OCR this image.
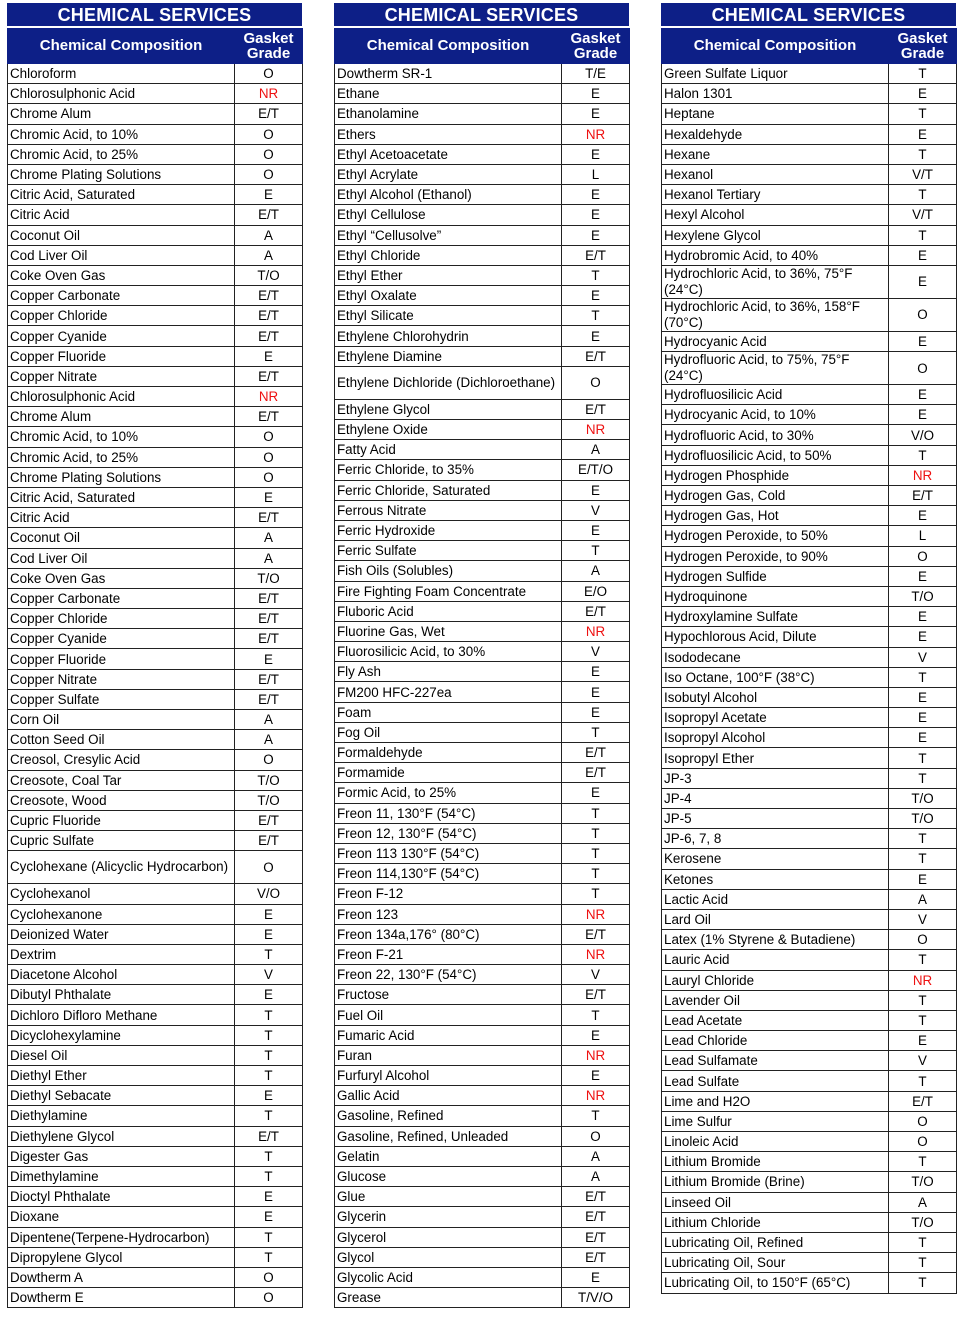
CHEMICAL SERVICES
Chemical Composition	Gasket
Grade
Chloroform	O
Chlorosulphonic Acid	NR
Chrome Alum	E/T
Chromic Acid, to 10%	O
Chromic Acid, to 25%	O
Chrome Plating Solutions	O
Citric Acid, Saturated	E
Citric Acid	E/T
Coconut Oil	A
Cod Liver Oil	A
Coke Oven Gas	T/O
Copper Carbonate	E/T
Copper Chloride	E/T
Copper Cyanide	E/T
Copper Fluoride	E
Copper Nitrate	E/T
Chlorosulphonic Acid	NR
Chrome Alum	E/T
Chromic Acid, to 10%	O
Chromic Acid, to 25%	O
Chrome Plating Solutions	O
Citric Acid, Saturated	E
Citric Acid	E/T
Coconut Oil	A
Cod Liver Oil	A
Coke Oven Gas	T/O
Copper Carbonate	E/T
Copper Chloride	E/T
Copper Cyanide	E/T
Copper Fluoride	E
Copper Nitrate	E/T
Copper Sulfate	E/T
Corn Oil	A
Cotton Seed Oil	A
Creosol, Cresylic Acid	O
Creosote, Coal Tar	T/O
Creosote, Wood	T/O
Cupric Fluoride	E/T
Cupric Sulfate	E/T
Cyclohexane (Alicyclic Hydrocarbon)	O
Cyclohexanol	V/O
Cyclohexanone	E
Deionized Water	E
Dextrim	T
Diacetone Alcohol	V
Dibutyl Phthalate	E
Dichloro Difloro Methane	T
Dicyclohexylamine	T
Diesel Oil	T
Diethyl Ether	T
Diethyl Sebacate	E
Diethylamine	T
Diethylene Glycol	E/T
Digester Gas	T
Dimethylamine	T
Dioctyl Phthalate	E
Dioxane	E
Dipentene(Terpene-Hydrocarbon)	T
Dipropylene Glycol	T
Dowtherm A	O
Dowtherm E	O
CHEMICAL SERVICES
Chemical Composition	Gasket
Grade
Dowtherm SR-1	T/E
Ethane	E
Ethanolamine	E
Ethers	NR
Ethyl Acetoacetate	E
Ethyl Acrylate	L
Ethyl Alcohol (Ethanol)	E
Ethyl Cellulose	E
Ethyl “Cellusolve”	E
Ethyl Chloride	E/T
Ethyl Ether	T
Ethyl Oxalate	E
Ethyl Silicate	T
Ethylene Chlorohydrin	E
Ethylene Diamine	E/T
Ethylene Dichloride (Dichloroethane)	O
Ethylene Glycol	E/T
Ethylene Oxide	NR
Fatty Acid	A
Ferric Chloride, to 35%	E/T/O
Ferric Chloride, Saturated	E
Ferrous Nitrate	V
Ferric Hydroxide	E
Ferric Sulfate	T
Fish Oils (Solubles)	A
Fire Fighting Foam Concentrate	E/O
Fluboric Acid	E/T
Fluorine Gas, Wet	NR
Fluorosilicic Acid, to 30%	V
Fly Ash	E
FM200 HFC-227ea	E
Foam	E
Fog Oil	T
Formaldehyde	E/T
Formamide	E/T
Formic Acid, to 25%	E
Freon 11, 130°F (54°C)	T
Freon 12, 130°F (54°C)	T
Freon 113 130°F (54°C)	T
Freon 114,130°F (54°C)	T
Freon F-12	T
Freon 123	NR
Freon 134a,176° (80°C)	E/T
Freon F-21	NR
Freon 22, 130°F (54°C)	V
Fructose	E/T
Fuel Oil	T
Fumaric Acid	E
Furan	NR
Furfuryl Alcohol	E
Gallic Acid	NR
Gasoline, Refined	T
Gasoline, Refined, Unleaded	O
Gelatin	A
Glucose	A
Glue	E/T
Glycerin	E/T
Glycerol	E/T
Glycol	E/T
Glycolic Acid	E
Grease	T/V/O
CHEMICAL SERVICES
Chemical Composition	Gasket
Grade
Green Sulfate Liquor	T
Halon 1301	E
Heptane	T
Hexaldehyde	E
Hexane	T
Hexanol	V/T
Hexanol Tertiary	T
Hexyl Alcohol	V/T
Hexylene Glycol	T
Hydrobromic Acid, to 40%	E
Hydrochloric Acid, to 36%, 75°F (24°C)	E
Hydrochloric Acid, to 36%, 158°F (70°C)	O
Hydrocyanic Acid	E
Hydrofluoric Acid, to 75%, 75°F (24°C)	O
Hydrofluosilicic Acid	E
Hydrocyanic Acid, to 10%	E
Hydrofluoric Acid, to 30%	V/O
Hydrofluosilicic Acid, to 50%	T
Hydrogen Phosphide	NR
Hydrogen Gas, Cold	E/T
Hydrogen Gas, Hot	E
Hydrogen Peroxide, to 50%	L
Hydrogen Peroxide, to 90%	O
Hydrogen Sulfide	E
Hydroquinone	T/O
Hydroxylamine Sulfate	E
Hypochlorous Acid, Dilute	E
Isododecane	V
Iso Octane, 100°F (38°C)	T
Isobutyl Alcohol	E
Isopropyl Acetate	E
Isopropyl Alcohol	E
Isopropyl Ether	T
JP-3	T
JP-4	T/O
JP-5	T/O
JP-6, 7, 8	T
Kerosene	T
Ketones	E
Lactic Acid	A
Lard Oil	V
Latex (1% Styrene & Butadiene)	O
Lauric Acid	T
Lauryl Chloride	NR
Lavender Oil	T
Lead Acetate	T
Lead Chloride	E
Lead Sulfamate	V
Lead Sulfate	T
Lime and H2O	E/T
Lime Sulfur	O
Linoleic Acid	O
Lithium Bromide	T
Lithium Bromide (Brine)	T/O
Linseed Oil	A
Lithium Chloride	T/O
Lubricating Oil, Refined	T
Lubricating Oil, Sour	T
Lubricating Oil, to 150°F (65°C)	T
